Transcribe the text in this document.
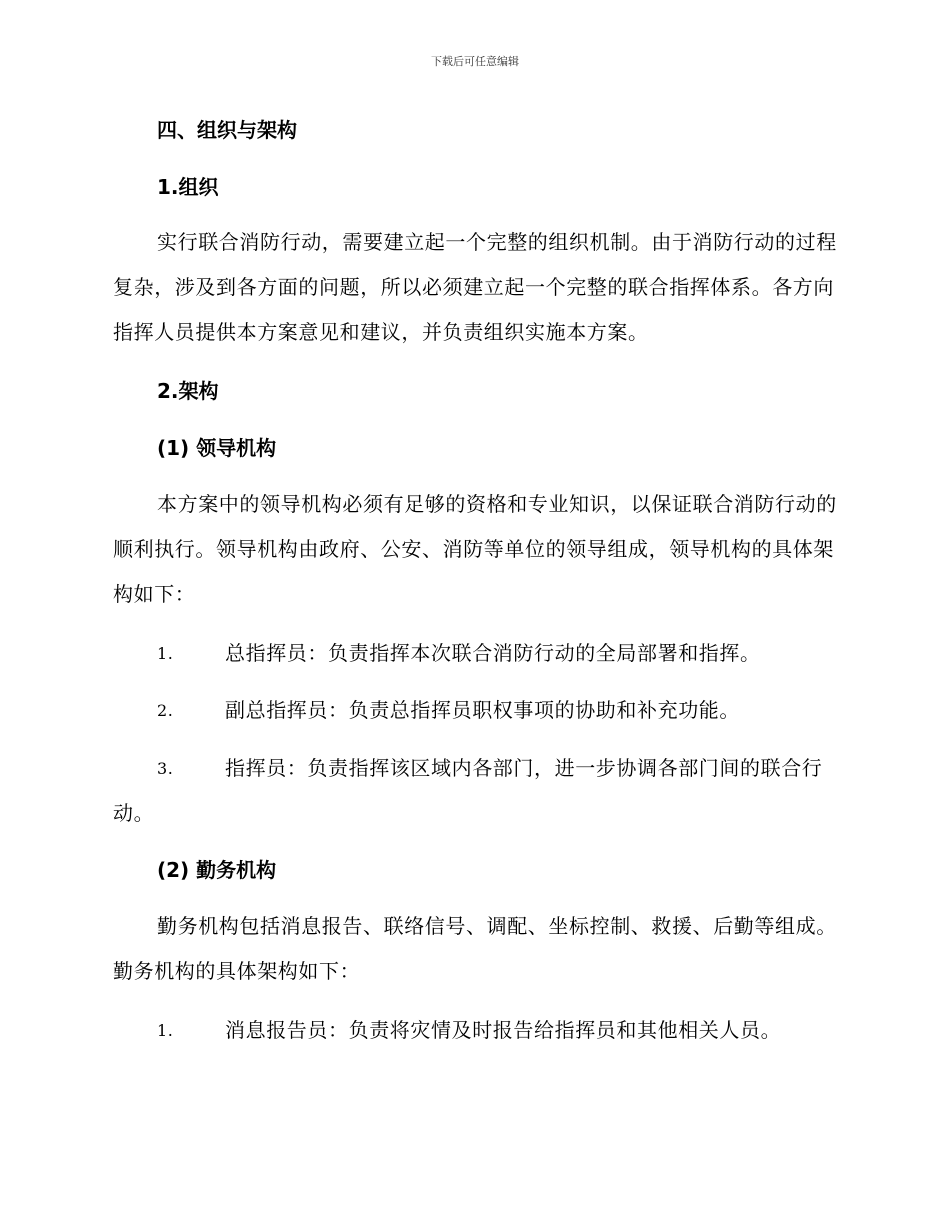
下载后可任意编辑
四、组织与架构
1.组织
实行联合消防行动，需要建立起一个完整的组织机制。由于消防行动的过程复杂，涉及到各方面的问题，所以必须建立起一个完整的联合指挥体系。各方向指挥人员提供本方案意见和建议，并负责组织实施本方案。
2.架构
(1) 领导机构
本方案中的领导机构必须有足够的资格和专业知识，以保证联合消防行动的顺利执行。领导机构由政府、公安、消防等单位的领导组成，领导机构的具体架构如下：
1.	总指挥员：负责指挥本次联合消防行动的全局部署和指挥。
2.	副总指挥员：负责总指挥员职权事项的协助和补充功能。
3.	指挥员：负责指挥该区域内各部门，进一步协调各部门间的联合行动。
(2) 勤务机构
勤务机构包括消息报告、联络信号、调配、坐标控制、救援、后勤等组成。勤务机构的具体架构如下：
1.	消息报告员：负责将灾情及时报告给指挥员和其他相关人员。
